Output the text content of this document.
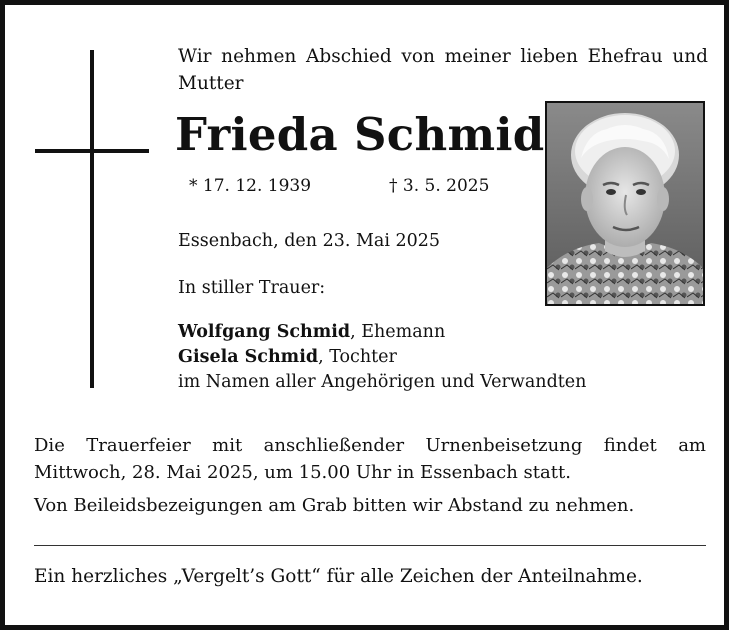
Wir nehmen Abschied von meiner lieben Ehefrau und Mutter
Frieda Schmid
* 17. 12. 1939	† 3. 5. 2025
Essenbach, den 23. Mai 2025
In stiller Trauer:
Wolfgang Schmid, Ehemann
Gisela Schmid, Tochter
im Namen aller Angehörigen und Verwandten
Die Trauerfeier mit anschließender Urnenbeisetzung findet am Mittwoch, 28. Mai 2025, um 15.00 Uhr in Essenbach statt.
Von Beileidsbezeigungen am Grab bitten wir Abstand zu nehmen.
Ein herzliches „Vergelt’s Gott“ für alle Zeichen der Anteilnahme.
